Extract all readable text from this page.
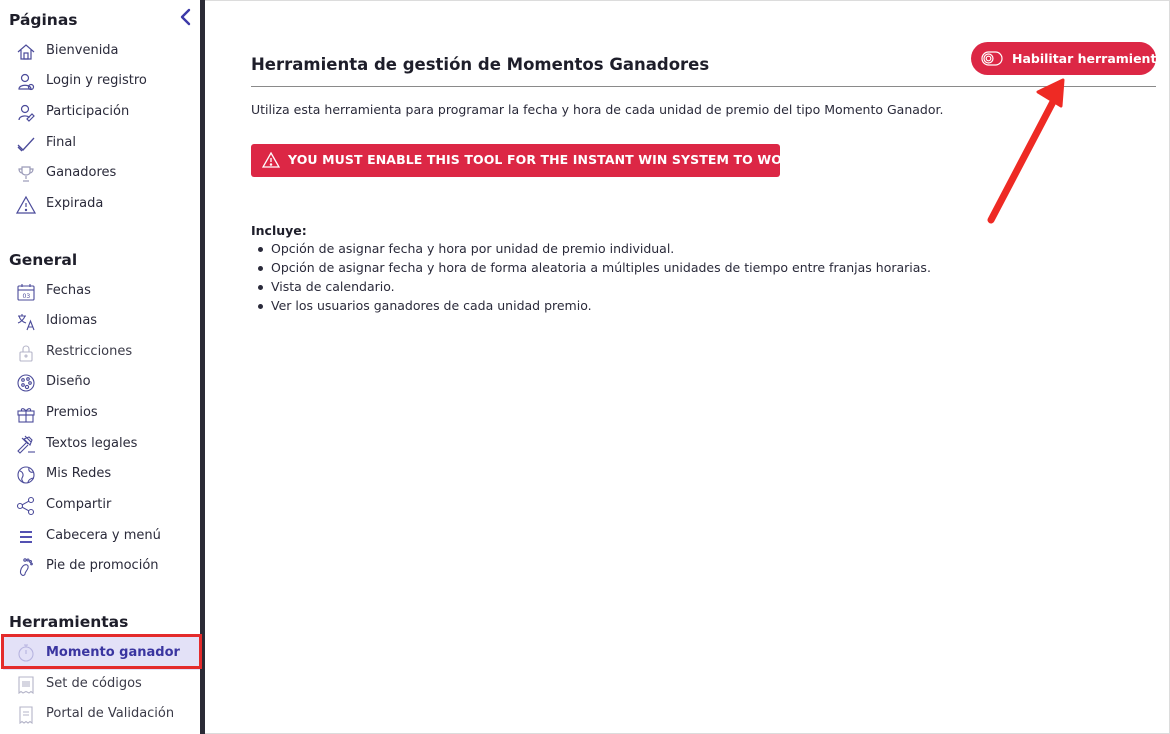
Páginas
Bienvenida
Login y registro
Participación
Final
Ganadores
Expirada
General
03 Fechas
Idiomas
Restricciones
Diseño
Premios
Textos legales
Mis Redes
Compartir
Cabecera y menú
Pie de promoción
Herramientas
Momento ganador
Set de códigos
Portal de Validación
Herramienta de gestión de Momentos Ganadores	Habilitar herramienta
Utiliza esta herramienta para programar la fecha y hora de cada unidad de premio del tipo Momento Ganador.
YOU MUST ENABLE THIS TOOL FOR THE INSTANT WIN SYSTEM TO WORK
Incluye:
Opción de asignar fecha y hora por unidad de premio individual.
Opción de asignar fecha y hora de forma aleatoria a múltiples unidades de tiempo entre franjas horarias.
Vista de calendario.
Ver los usuarios ganadores de cada unidad premio.
